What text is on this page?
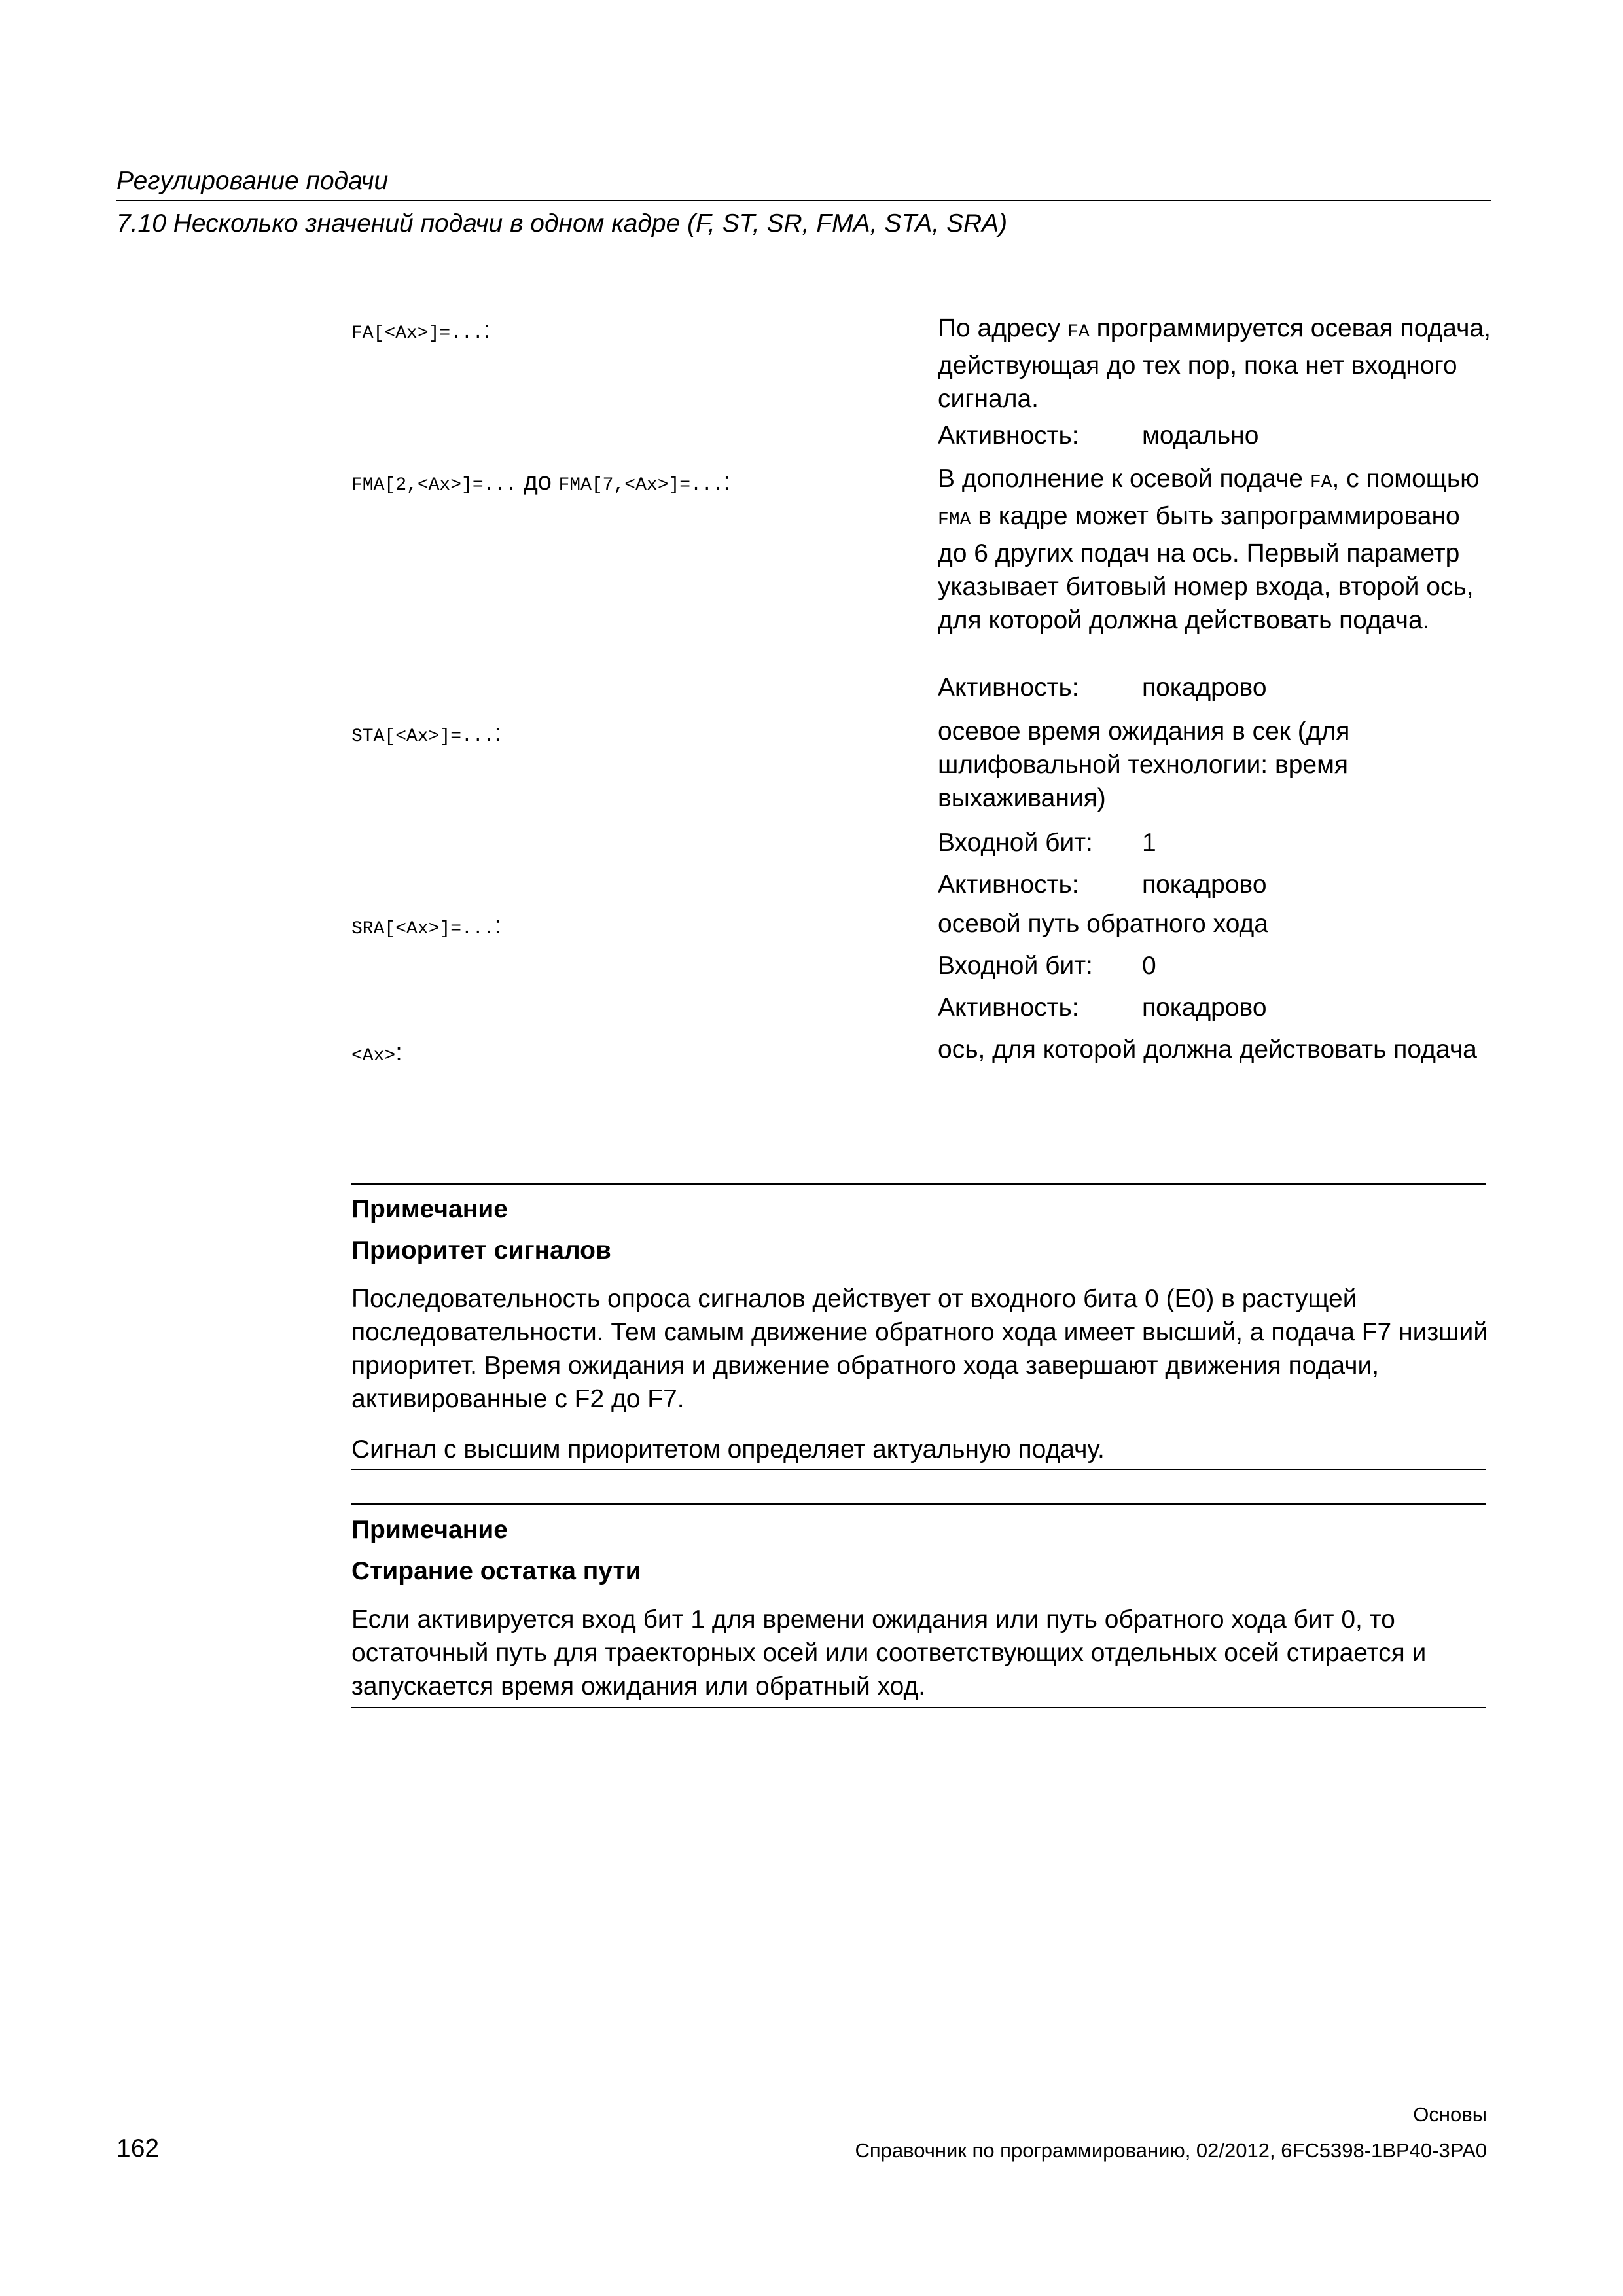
Регулирование подачи
7.10 Несколько значений подачи в одном кадре (F, ST, SR, FMA, STA, SRA)
FA[<Ax>]=...:	По адресу FA программируется осевая подача, действующая до тех пор, пока нет входного сигнала.
Активность: модально
FMA[2,<Ax>]=... до FMA[7,<Ax>]=...:	В дополнение к осевой подаче FA, с помощью FMA в кадре может быть запрограммировано до 6 других подач на ось. Первый параметр указывает битовый номер входа, второй ось, для которой должна действовать подача.
Активность: покадрово
STA[<Ax>]=...:	осевое время ожидания в сек (для шлифовальной технологии: время выхаживания)
Входной бит: 1
Активность: покадрово
SRA[<Ax>]=...:	осевой путь обратного хода
Входной бит: 0
Активность: покадрово
<Ax>:	ось, для которой должна действовать подача
Примечание
Приоритет сигналов
Последовательность опроса сигналов действует от входного бита 0 (E0) в растущей последовательности. Тем самым движение обратного хода имеет высший, а подача F7 низший приоритет. Время ожидания и движение обратного хода завершают движения подачи, активированные с F2 до F7.
Сигнал с высшим приоритетом определяет актуальную подачу.
Примечание
Стирание остатка пути
Если активируется вход бит 1 для времени ожидания или путь обратного хода бит 0, то остаточный путь для траекторных осей или соответствующих отдельных осей стирается и запускается время ожидания или обратный ход.
Основы
162	Справочник по программированию, 02/2012, 6FC5398-1BP40-3PA0
